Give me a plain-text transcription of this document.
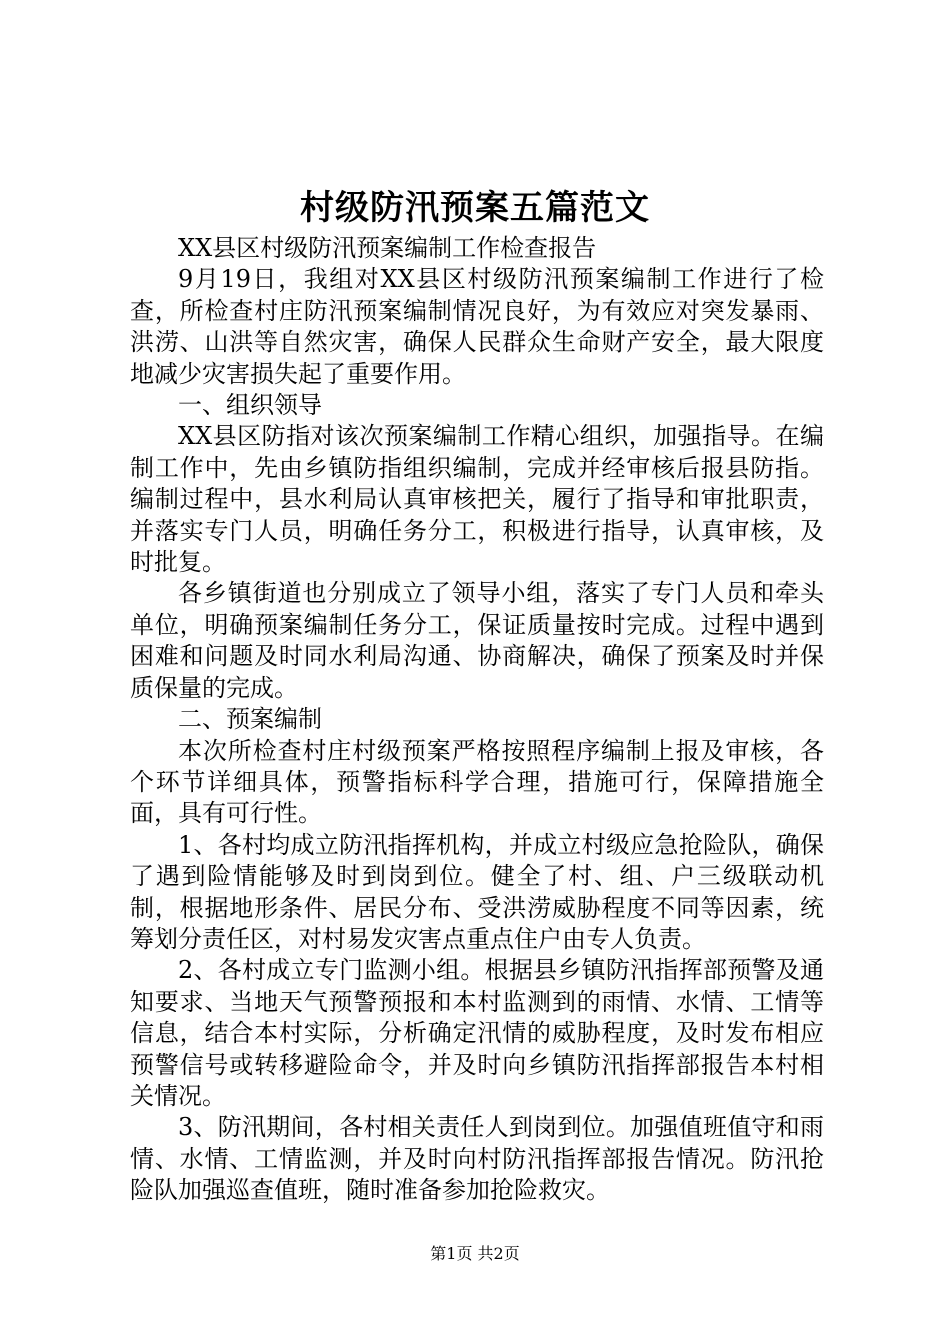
村级防汛预案五篇范文

XX县区村级防汛预案编制工作检查报告

9月19日，我组对XX县区村级防汛预案编制工作进行了检查，所检查村庄防汛预案编制情况良好，为有效应对突发暴雨、洪涝、山洪等自然灾害，确保人民群众生命财产安全，最大限度地减少灾害损失起了重要作用。

一、组织领导

XX县区防指对该次预案编制工作精心组织，加强指导。在编制工作中，先由乡镇防指组织编制，完成并经审核后报县防指。编制过程中，县水利局认真审核把关，履行了指导和审批职责，并落实专门人员，明确任务分工，积极进行指导，认真审核，及时批复。

各乡镇街道也分别成立了领导小组，落实了专门人员和牵头单位，明确预案编制任务分工，保证质量按时完成。过程中遇到困难和问题及时同水利局沟通、协商解决，确保了预案及时并保质保量的完成。

二、预案编制

本次所检查村庄村级预案严格按照程序编制上报及审核，各个环节详细具体，预警指标科学合理，措施可行，保障措施全面，具有可行性。

1、各村均成立防汛指挥机构，并成立村级应急抢险队，确保了遇到险情能够及时到岗到位。健全了村、组、户三级联动机制，根据地形条件、居民分布、受洪涝威胁程度不同等因素，统筹划分责任区，对村易发灾害点重点住户由专人负责。

2、各村成立专门监测小组。根据县乡镇防汛指挥部预警及通知要求、当地天气预警预报和本村监测到的雨情、水情、工情等信息，结合本村实际，分析确定汛情的威胁程度，及时发布相应预警信号或转移避险命令，并及时向乡镇防汛指挥部报告本村相关情况。

3、防汛期间，各村相关责任人到岗到位。加强值班值守和雨情、水情、工情监测，并及时向村防汛指挥部报告情况。防汛抢险队加强巡查值班，随时准备参加抢险救灾。

第1页 共2页
